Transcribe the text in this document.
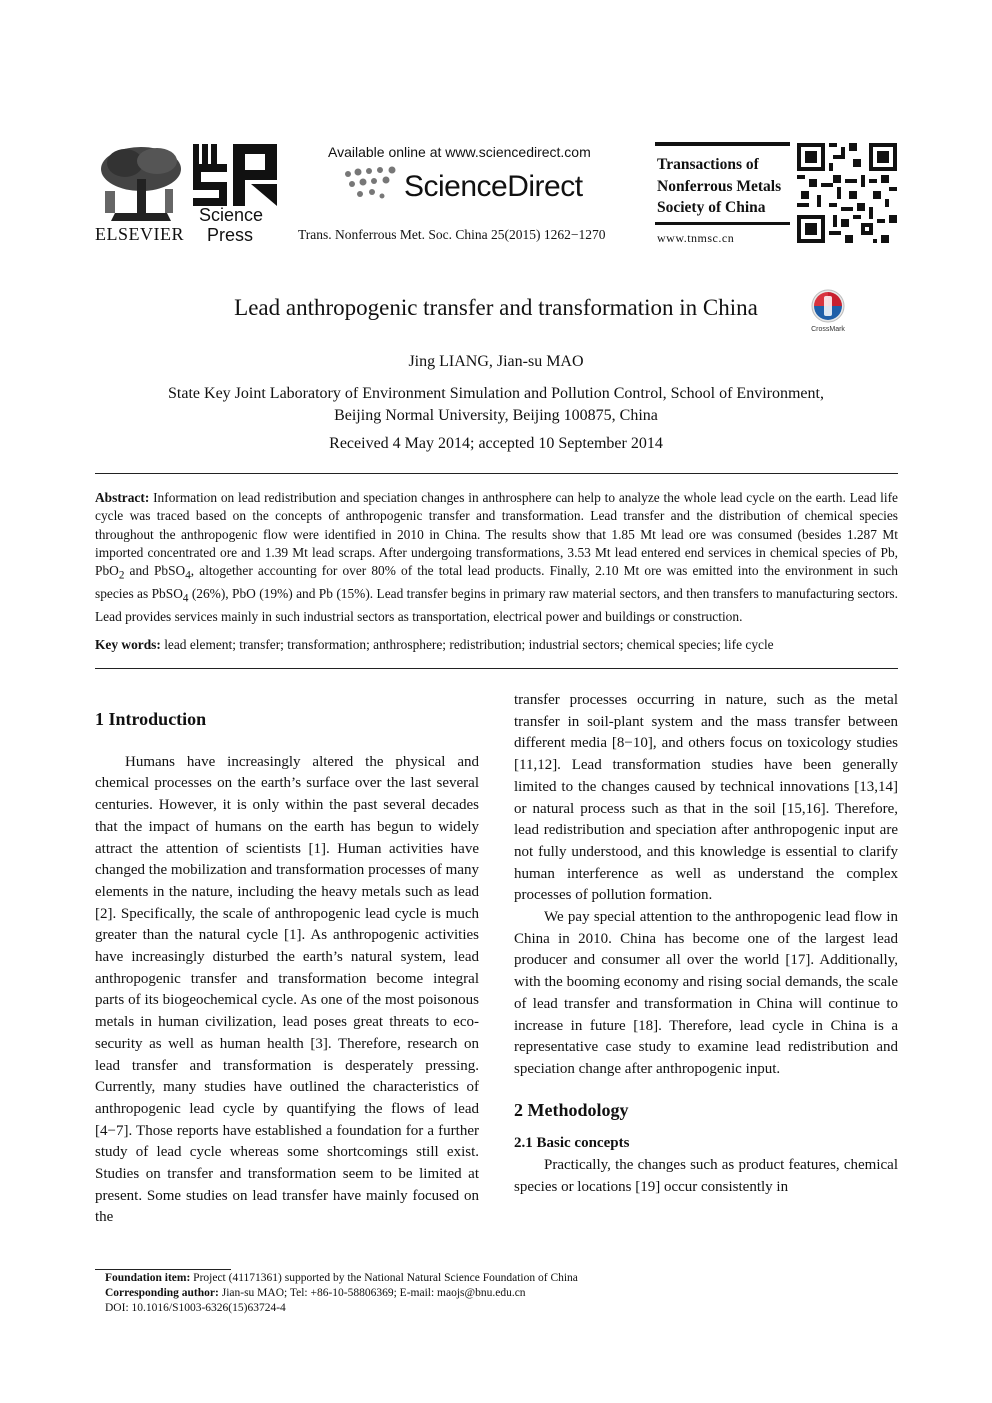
ELSEVIER
Science
Press
Available online at www.sciencedirect.com
ScienceDirect
Trans. Nonferrous Met. Soc. China 25(2015) 1262−1270
Transactions of
Nonferrous Metals
Society of China
www.tnmsc.cn
Lead anthropogenic transfer and transformation in China
CrossMark
Jing LIANG, Jian-su MAO
State Key Joint Laboratory of Environment Simulation and Pollution Control, School of Environment,
Beijing Normal University, Beijing 100875, China
Received 4 May 2014; accepted 10 September 2014
Abstract: Information on lead redistribution and speciation changes in anthrosphere can help to analyze the whole lead cycle on the earth. Lead life cycle was traced based on the concepts of anthropogenic transfer and transformation. Lead transfer and the distribution of chemical species throughout the anthropogenic flow were identified in 2010 in China. The results show that 1.85 Mt lead ore was consumed (besides 1.287 Mt imported concentrated ore and 1.39 Mt lead scraps. After undergoing transformations, 3.53 Mt lead entered end services in chemical species of Pb, PbO$_2$ and PbSO$_4$, altogether accounting for over 80% of the total lead products. Finally, 2.10 Mt ore was emitted into the environment in such species as PbSO$_4$ (26%), PbO (19%) and Pb (15%). Lead transfer begins in primary raw material sectors, and then transfers to manufacturing sectors. Lead provides services mainly in such industrial sectors as transportation, electrical power and buildings or construction.
Key words: lead element; transfer; transformation; anthrosphere; redistribution; industrial sectors; chemical species; life cycle
1 Introduction

Humans have increasingly altered the physical and chemical processes on the earth’s surface over the last several centuries. However, it is only within the past several decades that the impact of humans on the earth has begun to widely attract the attention of scientists [1]. Human activities have changed the mobilization and transformation processes of many elements in the nature, including the heavy metals such as lead [2]. Specifically, the scale of anthropogenic lead cycle is much greater than the natural cycle [1]. As anthropogenic activities have increasingly disturbed the earth’s natural system, lead anthropogenic transfer and transformation become integral parts of its biogeochemical cycle. As one of the most poisonous metals in human civilization, lead poses great threats to eco-security as well as human health [3]. Therefore, research on lead transfer and transformation is desperately pressing. Currently, many studies have outlined the characteristics of anthropogenic lead cycle by quantifying the flows of lead [4−7]. Those reports have established a foundation for a further study of lead cycle whereas some shortcomings still exist. Studies on transfer and transformation seem to be limited at present. Some studies on lead transfer have mainly focused on the

transfer processes occurring in nature, such as the metal transfer in soil-plant system and the mass transfer between different media [8−10], and others focus on toxicology studies [11,12]. Lead transformation studies have been generally limited to the changes caused by technical innovations [13,14] or natural process such as that in the soil [15,16]. Therefore, lead redistribution and speciation after anthropogenic input are not fully understood, and this knowledge is essential to clarify human interference as well as understand the complex processes of pollution formation.

We pay special attention to the anthropogenic lead flow in China in 2010. China has become one of the largest lead producer and consumer all over the world [17]. Additionally, with the booming economy and rising social demands, the scale of lead transfer and transformation in China will continue to increase in future [18]. Therefore, lead cycle in China is a representative case study to examine lead redistribution and speciation change after anthropogenic input.

2 Methodology
2.1 Basic concepts

Practically, the changes such as product features, chemical species or locations [19] occur consistently in

Foundation item: Project (41171361) supported by the National Natural Science Foundation of China
Corresponding author: Jian-su MAO; Tel: +86-10-58806369; E-mail: maojs@bnu.edu.cn
DOI: 10.1016/S1003-6326(15)63724-4
